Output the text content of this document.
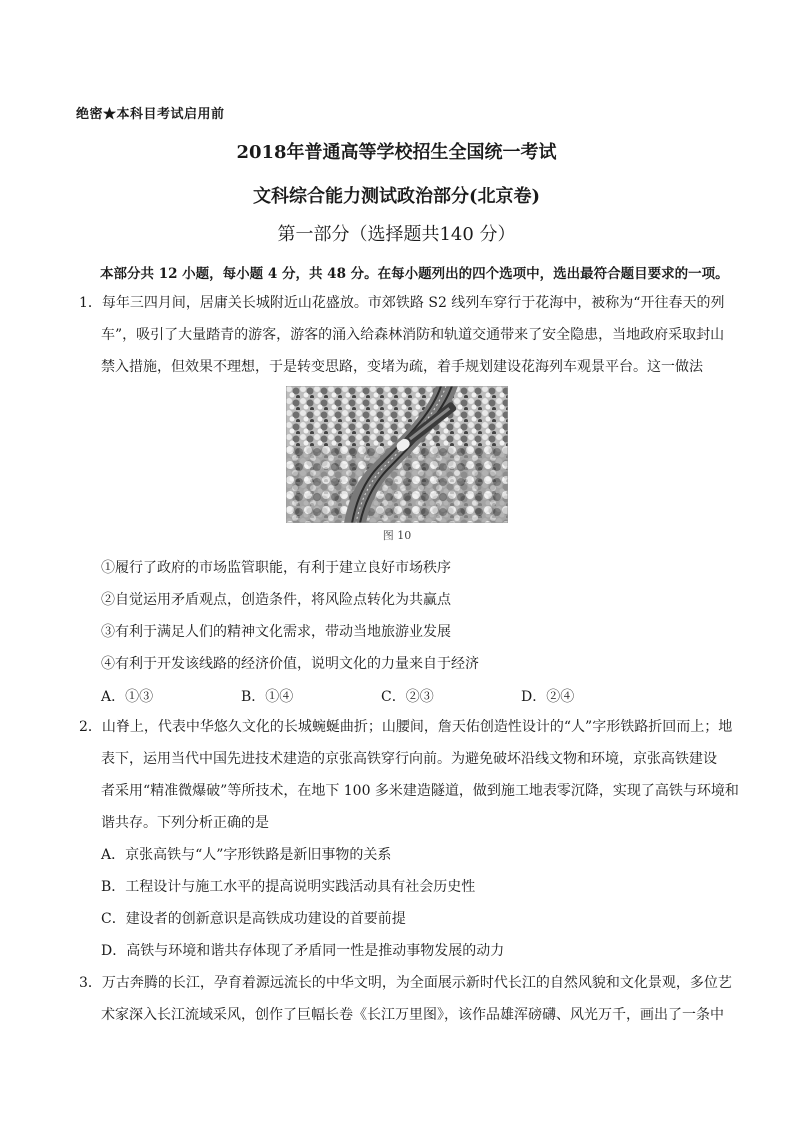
绝密★本科目考试启用前
2018年普通高等学校招生全国统一考试
文科综合能力测试政治部分(北京卷)
第一部分（选择题共140 分）
本部分共 12 小题，每小题 4 分，共 48 分。在每小题列出的四个选项中，选出最符合题目要求的一项。
1．每年三四月间，居庸关长城附近山花盛放。市郊铁路 S2 线列车穿行于花海中，被称为“开往春天的列
车”，吸引了大量踏青的游客，游客的涌入给森林消防和轨道交通带来了安全隐患，当地政府采取封山
禁入措施，但效果不理想，于是转变思路，变堵为疏，着手规划建设花海列车观景平台。这一做法
图 10
①履行了政府的市场监管职能，有利于建立良好市场秩序
②自觉运用矛盾观点，创造条件，将风险点转化为共赢点
③有利于满足人们的精神文化需求，带动当地旅游业发展
④有利于开发该线路的经济价值，说明文化的力量来自于经济
A．①③	B．①④	C．②③	D．②④
2．山脊上，代表中华悠久文化的长城蜿蜒曲折；山腰间，詹天佑创造性设计的“人”字形铁路折回而上；地
表下，运用当代中国先进技术建造的京张高铁穿行向前。为避免破坏沿线文物和环境，京张高铁建设
者采用“精准微爆破”等所技术，在地下 100 多米建造隧道，做到施工地表零沉降，实现了高铁与环境和
谐共存。下列分析正确的是
A．京张高铁与“人”字形铁路是新旧事物的关系
B．工程设计与施工水平的提高说明实践活动具有社会历史性
C．建设者的创新意识是高铁成功建设的首要前提
D．高铁与环境和谐共存体现了矛盾同一性是推动事物发展的动力
3．万古奔腾的长江，孕育着源远流长的中华文明，为全面展示新时代长江的自然风貌和文化景观，多位艺
术家深入长江流域采风，创作了巨幅长卷《长江万里图》，该作品雄浑磅礴、风光万千，画出了一条中
